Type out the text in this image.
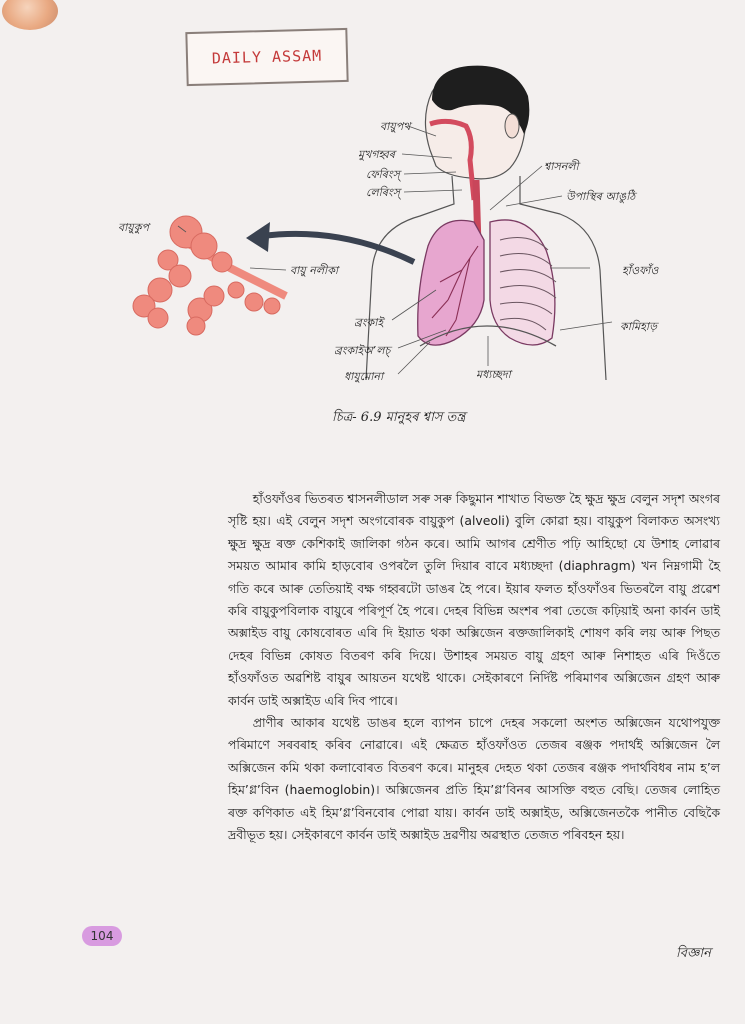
DAILY ASSAM
বায়ুপথ
মুখগহ্বৰ
ফেৰিংস্
লেৰিংস্
শ্বাসনলী
উপাস্থিৰ আঙুঠি
বায়ুকুপ
বায়ু নলীকা	হাঁওফাঁও
কামিহাড়
ব্ৰংকাই
ব্ৰংকাইঅ’লচ্
ধাযুমোনা	মধ্যচ্ছদা
চিত্ৰ- 6.9 মানুহৰ শ্বাস তন্ত্ৰ

হাঁওফাঁওৰ ভিতৰত শ্বাসনলীডাল সৰু সৰু কিছুমান শাখাত বিভক্ত হৈ ক্ষুদ্ৰ ক্ষুদ্ৰ বেলুন সদৃশ অংগৰ সৃষ্টি হয়। এই বেলুন সদৃশ অংগবোৰক বায়ুকুপ (alveoli) বুলি কোৱা হয়। বায়ুকুপ বিলাকত অসংখ্য ক্ষুদ্ৰ ক্ষুদ্ৰ ৰক্ত কেশিকাই জালিকা গঠন কৰে। আমি আগৰ শ্ৰেণীত পঢ়ি আহিছো যে উশাহ লোৱাৰ সময়ত আমাৰ কামি হাড়বোৰ ওপৰলৈ তুলি দিয়াৰ বাবে মধ্যচ্ছদা (diaphragm) খন নিম্নগামী হৈ গতি কৰে আৰু তেতিয়াই বক্ষ গহ্বৰটো ডাঙৰ হৈ পৰে। ইয়াৰ ফলত হাঁওফাঁওৰ ভিতৰলৈ বায়ু প্ৰৱেশ কৰি বায়ুকুপবিলাক বায়ুৰে পৰিপূৰ্ণ হৈ পৰে। দেহৰ বিভিন্ন অংশৰ পৰা তেজে কঢ়িয়াই অনা কাৰ্বন ডাই অক্সাইড বায়ু কোষবোৰত এৰি দি ইয়াত থকা অক্সিজেন ৰক্তজালিকাই শোষণ কৰি লয় আৰু পিছত দেহৰ বিভিন্ন কোষত বিতৰণ কৰি দিয়ে। উশাহৰ সময়ত বায়ু গ্ৰহণ আৰু নিশাহত এৰি দিওঁতে হাঁওফাঁওত অৱশিষ্ট বায়ুৰ আয়তন যথেষ্ট থাকে। সেইকাৰণে নিৰ্দিষ্ট পৰিমাণৰ অক্সিজেন গ্ৰহণ আৰু কাৰ্বন ডাই অক্সাইড এৰি দিব পাৰে।

প্ৰাণীৰ আকাৰ যথেষ্ট ডাঙৰ হলে ব্যাপন চাপে দেহৰ সকলো অংশত অক্সিজেন যথোপযুক্ত পৰিমাণে সৰবৰাহ কৰিব নোৱাৰে। এই ক্ষেত্ৰত হাঁওফাঁওত তেজৰ ৰঞ্জক পদাৰ্থই অক্সিজেন লৈ অক্সিজেন কমি থকা কলাবোৰত বিতৰণ কৰে। মানুহৰ দেহত থকা তেজৰ ৰঞ্জক পদাৰ্থবিধৰ নাম হ’ল হিম’গ্ল’বিন (haemoglobin)। অক্সিজেনৰ প্ৰতি হিম’গ্ল’বিনৰ আসক্তি বহুত বেছি। তেজৰ লোহিত ৰক্ত কণিকাত এই হিম’গ্ল’বিনবোৰ পোৱা যায়। কাৰ্বন ডাই অক্সাইড, অক্সিজেনতকৈ পানীত বেছিকৈ দ্ৰবীভূত হয়। সেইকাৰণে কাৰ্বন ডাই অক্সাইড দ্ৰৱণীয় অৱস্থাত তেজত পৰিবহন হয়।

104
বিজ্ঞান
